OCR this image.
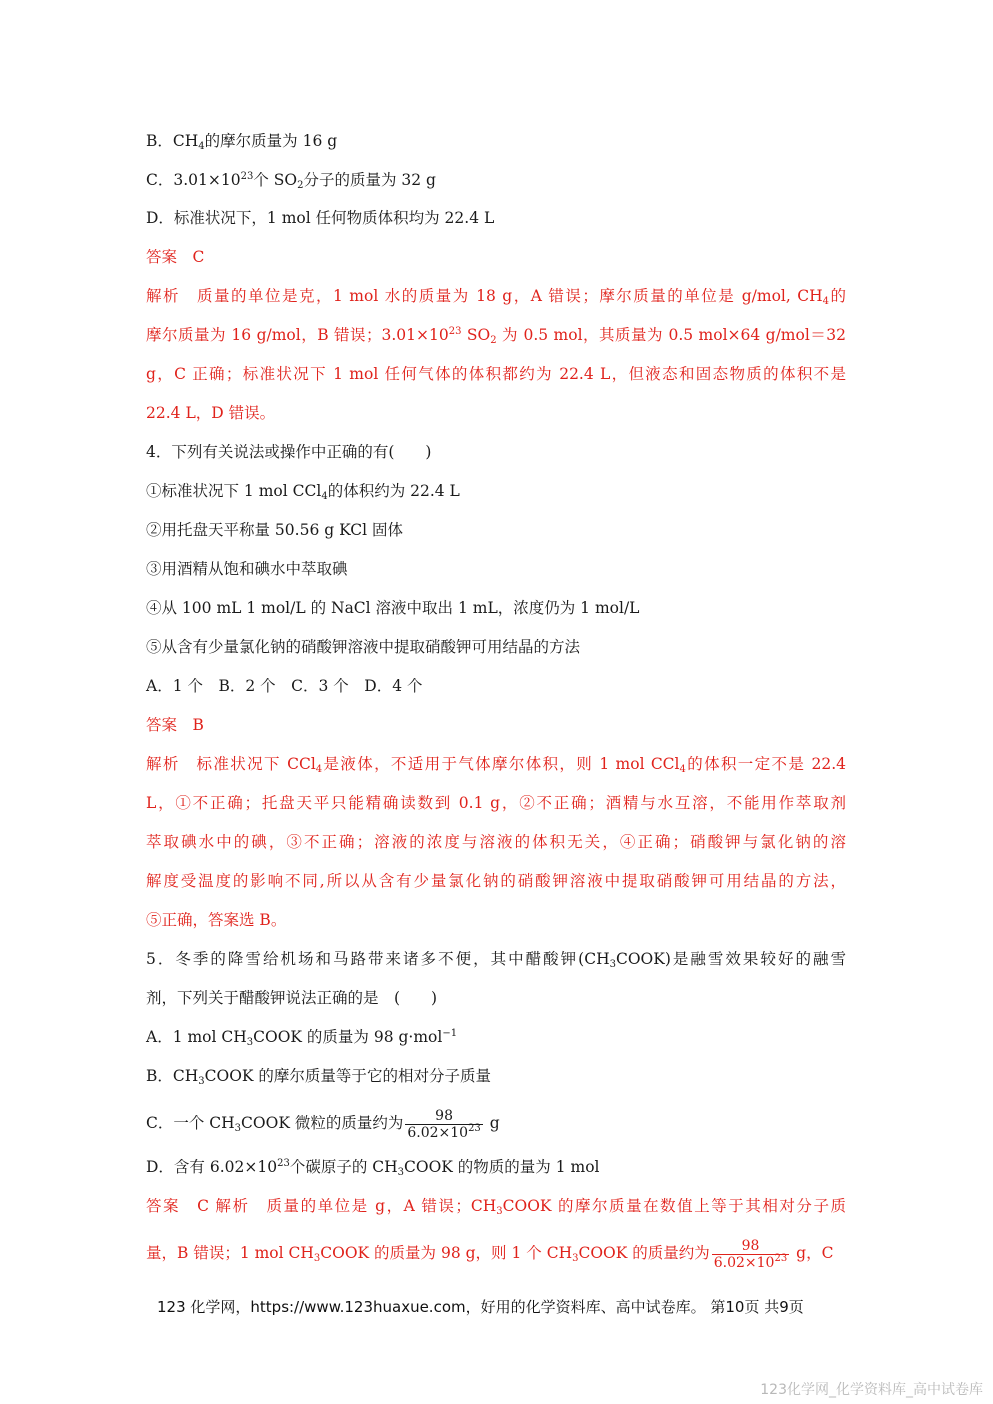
B．$CH_4$的摩尔质量为 16 g
C．$3.01\times 10^{23}$个 $SO_2$分子的质量为 32 g
D．标准状况下，1 mol 任何物质体积均为 22.4 L
答案　C
解析　质量的单位是克，1 mol 水的质量为 18 g，A 错误；摩尔质量的单位是 g/mol, $CH_4$的
摩尔质量为 16 g/mol，B 错误；$3.01\times 10^{23}$ $SO_2$ 为 0.5 mol，其质量为 0.5 mol×64 g/mol＝32
g，C 正确；标准状况下 1 mol 任何气体的体积都约为 22.4 L，但液态和固态物质的体积不是
22.4 L，D 错误。
4．下列有关说法或操作中正确的有(　　)
①标准状况下 1 mol CCl$_4$的体积约为 22.4 L
②用托盘天平称量 50.56 g KCl 固体
③用酒精从饱和碘水中萃取碘
④从 100 mL 1 mol/L 的 NaCl 溶液中取出 1 mL，浓度仍为 1 mol/L
⑤从含有少量氯化钠的硝酸钾溶液中提取硝酸钾可用结晶的方法
A．1 个　B．2 个　C．3 个　D．4 个
答案　B
解析　标准状况下 CCl$_4$是液体，不适用于气体摩尔体积，则 1 mol CCl$_4$的体积一定不是 22.4
L，①不正确；托盘天平只能精确读数到 0.1 g，②不正确；酒精与水互溶，不能用作萃取剂
萃取碘水中的碘，③不正确；溶液的浓度与溶液的体积无关，④正确；硝酸钾与氯化钠的溶
解度受温度的影响不同,所以从含有少量氯化钠的硝酸钾溶液中提取硝酸钾可用结晶的方法，
⑤正确，答案选 B。
5．冬季的降雪给机场和马路带来诸多不便，其中醋酸钾$(CH_3COOK)$是融雪效果较好的融雪
剂，下列关于醋酸钾说法正确的是　(　　)
A．1 mol $CH_3COOK$ 的质量为 98 g·mol$^{-1}$
B．$CH_3COOK$ 的摩尔质量等于它的相对分子质量
C．一个 $CH_3COOK$ 微粒的质量约为 $\frac{98}{6.02\times 10^{23}}$ g
D．含有 $6.02\times 10^{23}$个碳原子的 $CH_3COOK$ 的物质的量为 1 mol
答案　C 解析　质量的单位是 g，A 错误；$CH_3COOK$ 的摩尔质量在数值上等于其相对分子质
量，B 错误；1 mol $CH_3COOK$ 的质量为 98 g，则 1 个 $CH_3COOK$ 的质量约为 $\frac{98}{6.02\times 10^{23}}$ g，C
123 化学网，https://www.123huaxue.com，好用的化学资料库、高中试卷库。 第10页 共9页
123化学网_化学资料库_高中试卷库
